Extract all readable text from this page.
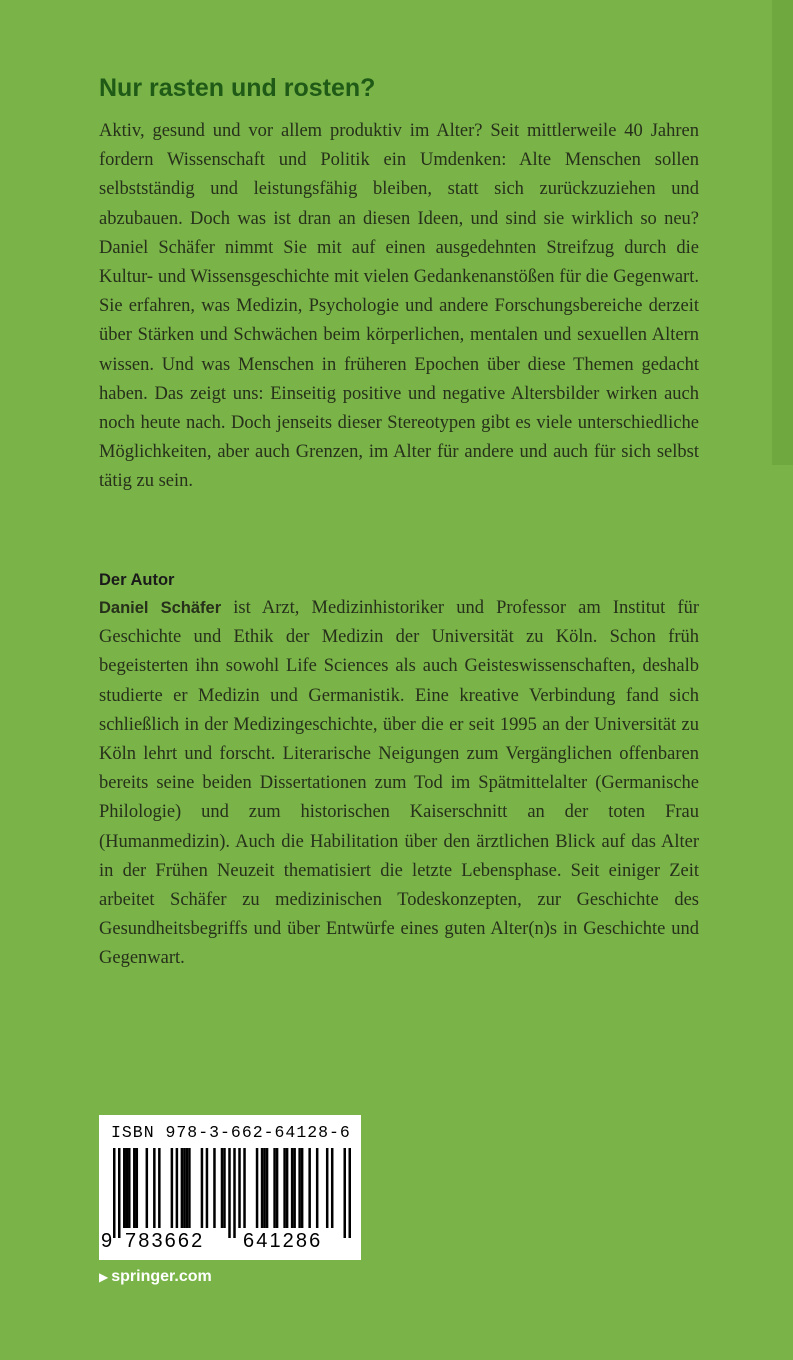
Nur rasten und rosten?

Aktiv, gesund und vor allem produktiv im Alter? Seit mittlerweile 40 Jahren fordern Wissenschaft und Politik ein Umdenken: Alte Menschen sollen selbstständig und leistungsfähig bleiben, statt sich zurückzuziehen und abzubauen. Doch was ist dran an diesen Ideen, und sind sie wirklich so neu? Daniel Schäfer nimmt Sie mit auf einen ausgedehnten Streifzug durch die Kultur- und Wissensgeschichte mit vielen Gedankenanstößen für die Gegenwart. Sie erfahren, was Medizin, Psychologie und andere Forschungsbereiche derzeit über Stärken und Schwächen beim körperlichen, mentalen und sexuellen Altern wissen. Und was Menschen in früheren Epochen über diese Themen gedacht haben. Das zeigt uns: Einseitig positive und negative Altersbilder wirken auch noch heute nach. Doch jenseits dieser Stereotypen gibt es viele unterschiedliche Möglichkeiten, aber auch Grenzen, im Alter für andere und auch für sich selbst tätig zu sein.

Der Autor

Daniel Schäfer ist Arzt, Medizinhistoriker und Professor am Institut für Geschichte und Ethik der Medizin der Universität zu Köln. Schon früh begeisterten ihn sowohl Life Sciences als auch Geisteswissenschaften, deshalb studierte er Medizin und Germanistik. Eine kreative Verbindung fand sich schließlich in der Medizingeschichte, über die er seit 1995 an der Universität zu Köln lehrt und forscht. Literarische Neigungen zum Vergänglichen offenbaren bereits seine beiden Dissertationen zum Tod im Spätmittelalter (Germanische Philologie) und zum historischen Kaiserschnitt an der toten Frau (Humanmedizin). Auch die Habilitation über den ärztlichen Blick auf das Alter in der Frühen Neuzeit thematisiert die letzte Lebensphase. Seit einiger Zeit arbeitet Schäfer zu medizinischen Todeskonzepten, zur Geschichte des Gesundheitsbegriffs und über Entwürfe eines guten Alter(n)s in Geschichte und Gegenwart.

ISBN 978-3-662-64128-6
9 783662 641286
▶ springer.com
